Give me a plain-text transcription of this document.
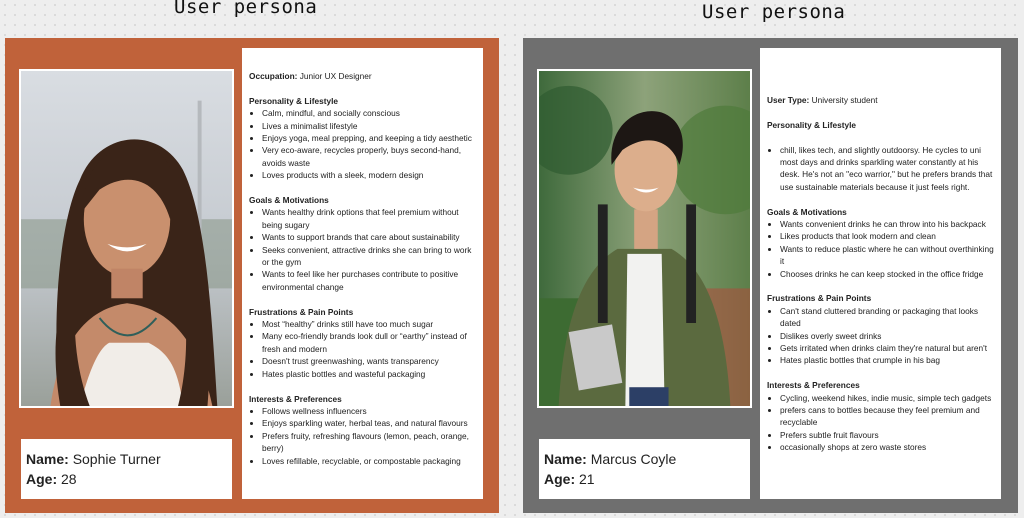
User persona
Name: Sophie Turner
Age: 28

Occupation: Junior UX Designer

Personality & Lifestyle

• Calm, mindful, and socially conscious
• Lives a minimalist lifestyle
• Enjoys yoga, meal prepping, and keeping a tidy aesthetic
• Very eco-aware, recycles properly, buys second-hand, avoids waste
• Loves products with a sleek, modern design

Goals & Motivations

• Wants healthy drink options that feel premium without being sugary
• Wants to support brands that care about sustainability
• Seeks convenient, attractive drinks she can bring to work or the gym
• Wants to feel like her purchases contribute to positive environmental change

Frustrations & Pain Points

• Most “healthy” drinks still have too much sugar
• Many eco-friendly brands look dull or “earthy” instead of fresh and modern
• Doesn't trust greenwashing, wants transparency
• Hates plastic bottles and wasteful packaging

Interests & Preferences

• Follows wellness influencers
• Enjoys sparkling water, herbal teas, and natural flavours
• Prefers fruity, refreshing flavours (lemon, peach, orange, berry)
• Loves refillable, recyclable, or compostable packaging
User persona
Name: Marcus Coyle
Age: 21

User Type: University student

Personality & Lifestyle

• chill, likes tech, and slightly outdoorsy. He cycles to uni most days and drinks sparkling water constantly at his desk. He's not an "eco warrior," but he prefers brands that use sustainable materials because it just feels right.

Goals & Motivations

• Wants convenient drinks he can throw into his backpack
• Likes products that look modern and clean
• Wants to reduce plastic where he can without overthinking it
• Chooses drinks he can keep stocked in the office fridge

Frustrations & Pain Points

• Can't stand cluttered branding or packaging that looks dated
• Dislikes overly sweet drinks
• Gets irritated when drinks claim they're natural but aren't
• Hates plastic bottles that crumple in his bag

Interests & Preferences

• Cycling, weekend hikes, indie music, simple tech gadgets
• prefers cans to bottles because they feel premium and recyclable
• Prefers subtle fruit flavours
• occasionally shops at zero waste stores
